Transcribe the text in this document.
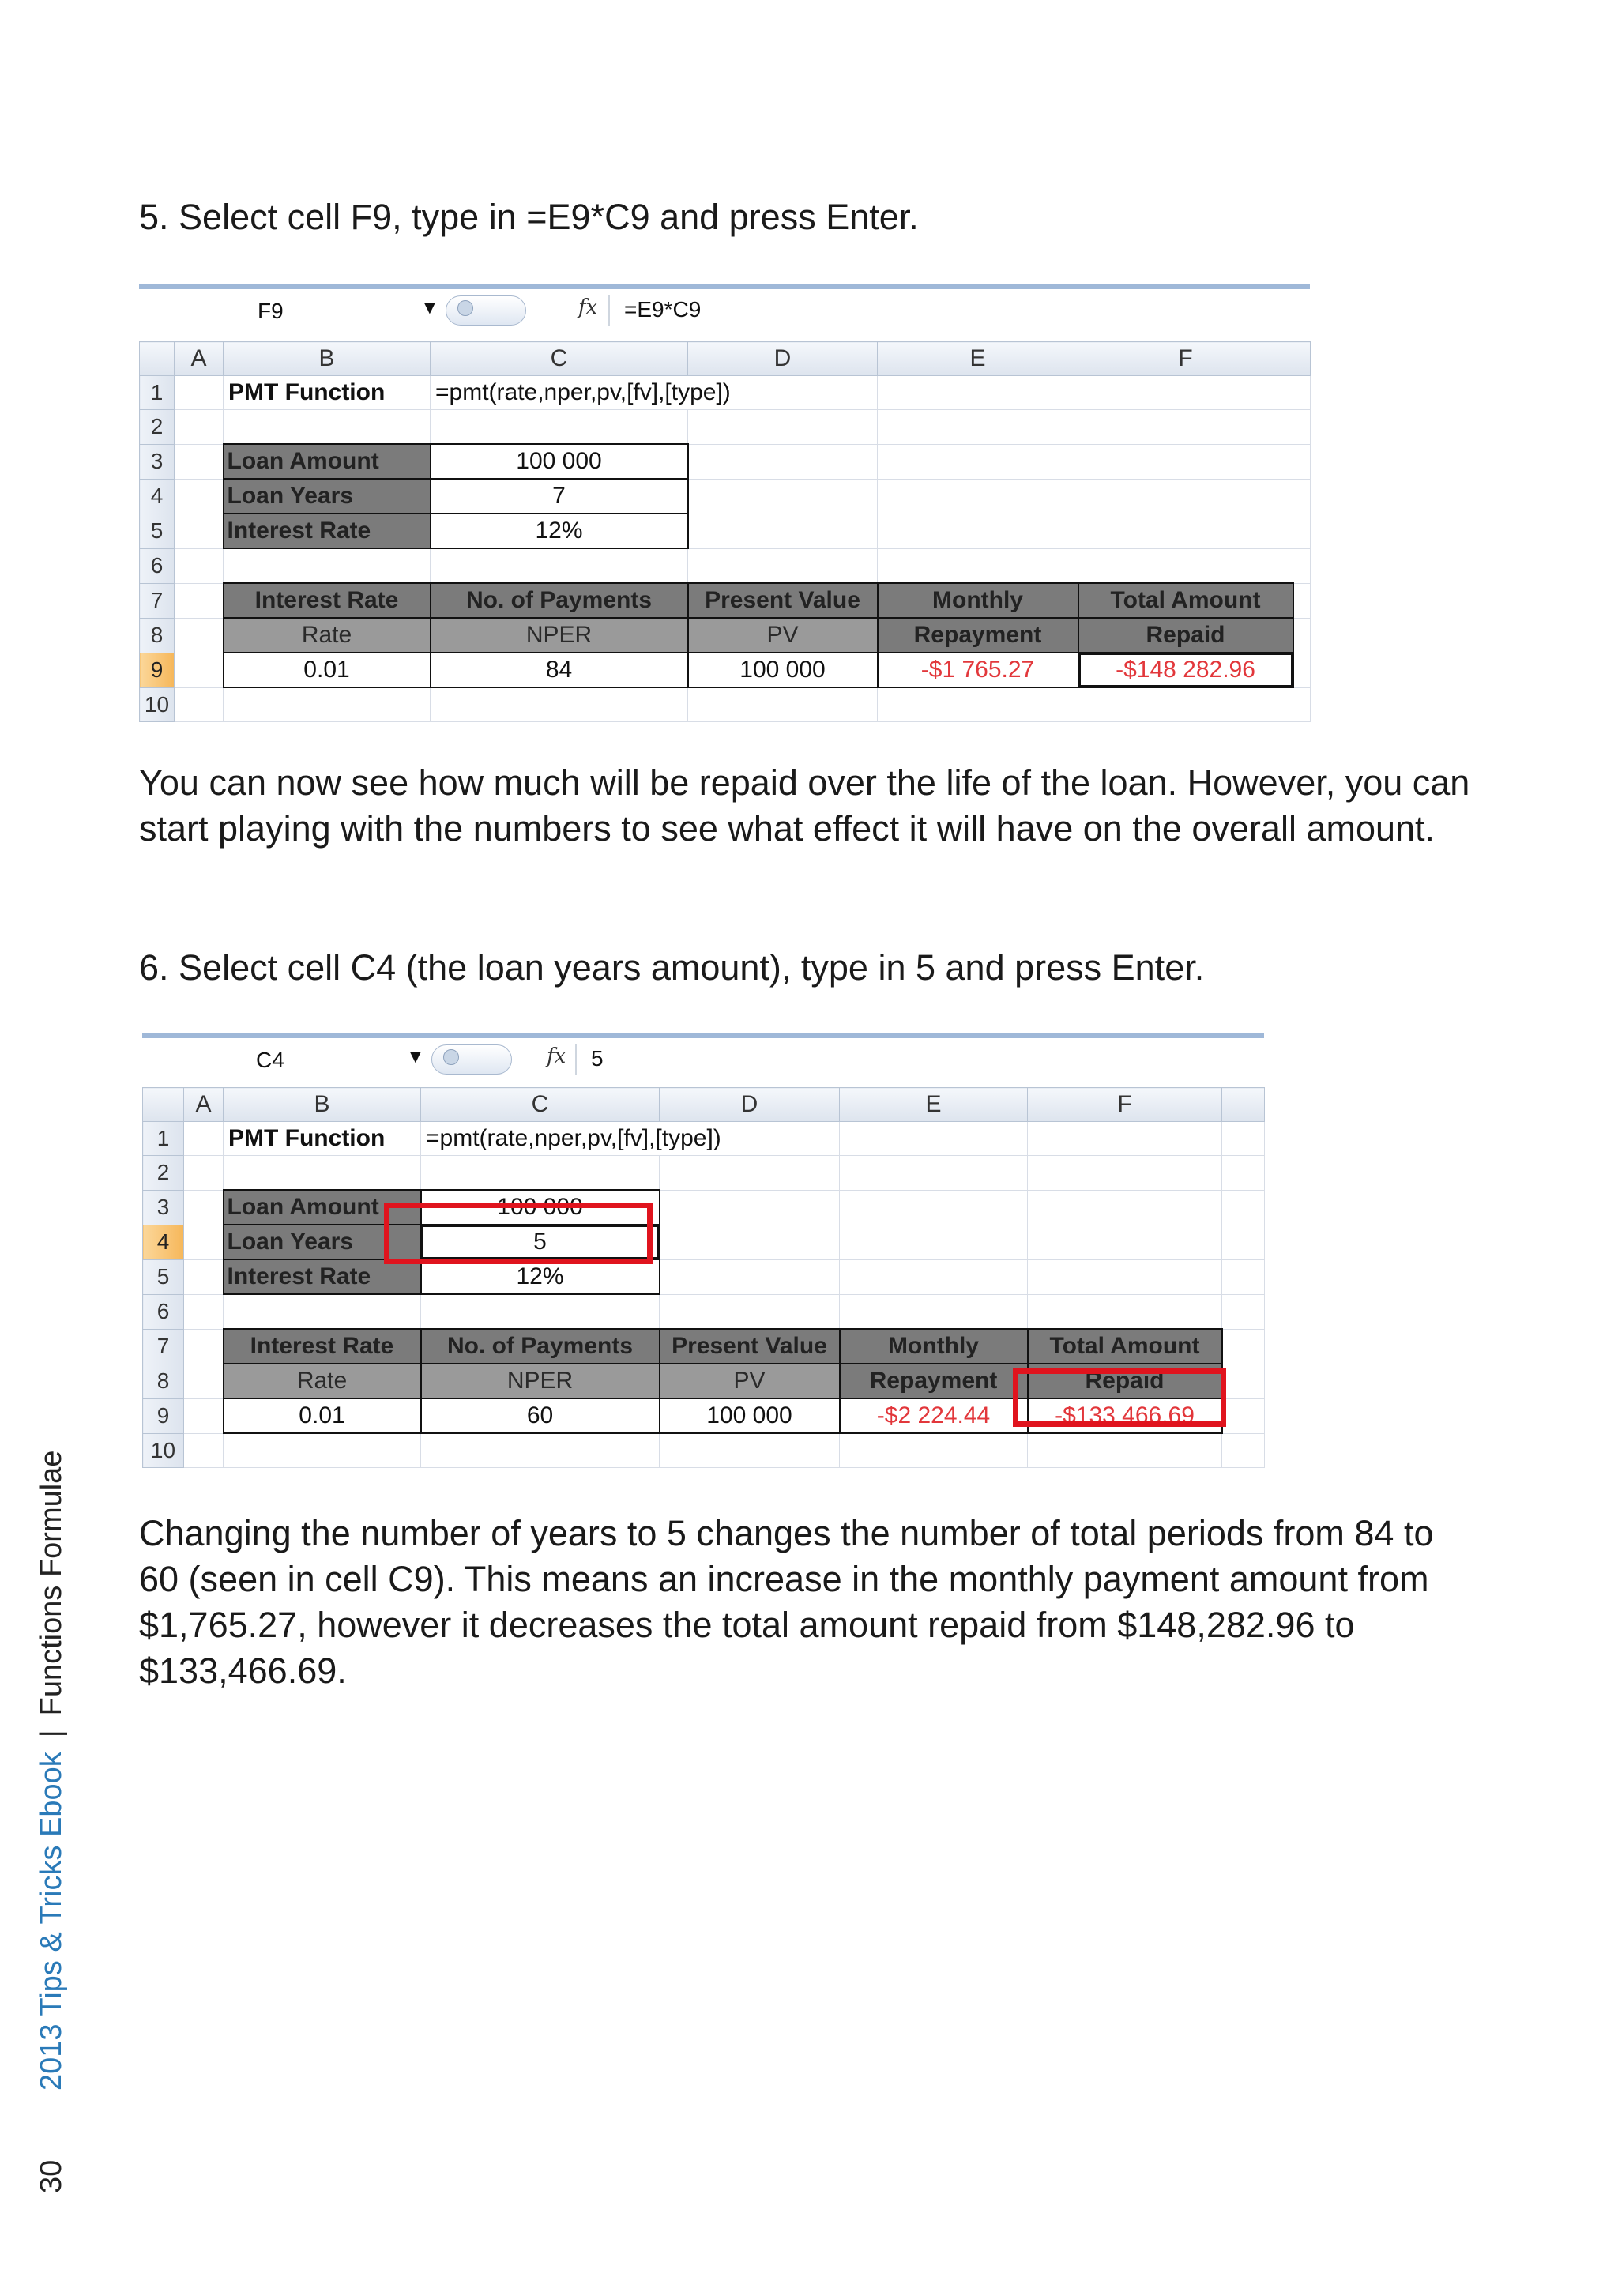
5. Select cell F9, type in =E9*C9 and press Enter.

You can now see how much will be repaid over the life of the loan. However, you can start playing with the numbers to see what effect it will have on the overall amount.

6. Select cell C4 (the loan years amount), type in 5 and press Enter.

Changing the number of years to 5 changes the number of total periods from 84 to 60 (seen in cell C9). This means an increase in the monthly payment amount from $1,765.27, however it decreases the total amount repaid from $148,282.96 to $133,466.69.

F9	▼	fx =E9*C9
	A	B	C	D	E	F	
1		PMT Function	=pmt(rate,nper,pv,[fv],[type])				
2							
3		Loan Amount	100 000				
4		Loan Years	7				
5		Interest Rate	12%				
6							
7		Interest Rate	No. of Payments	Present Value	Monthly	Total Amount	
8		Rate	NPER	PV	Repayment	Repaid	
9		0.01	84	100 000	-$1 765.27	-$148 282.96	
10							
C4	▼	fx 5
	A	B	C	D	E	F	
1		PMT Function	=pmt(rate,nper,pv,[fv],[type])				
2							
3		Loan Amount	100 000				
4		Loan Years	5				
5		Interest Rate	12%				
6							
7		Interest Rate	No. of Payments	Present Value	Monthly	Total Amount	
8		Rate	NPER	PV	Repayment	Repaid	
9		0.01	60	100 000	-$2 224.44	-$133 466.69	
10							
30
2013 Tips & Tricks Ebook|Functions Formulae
